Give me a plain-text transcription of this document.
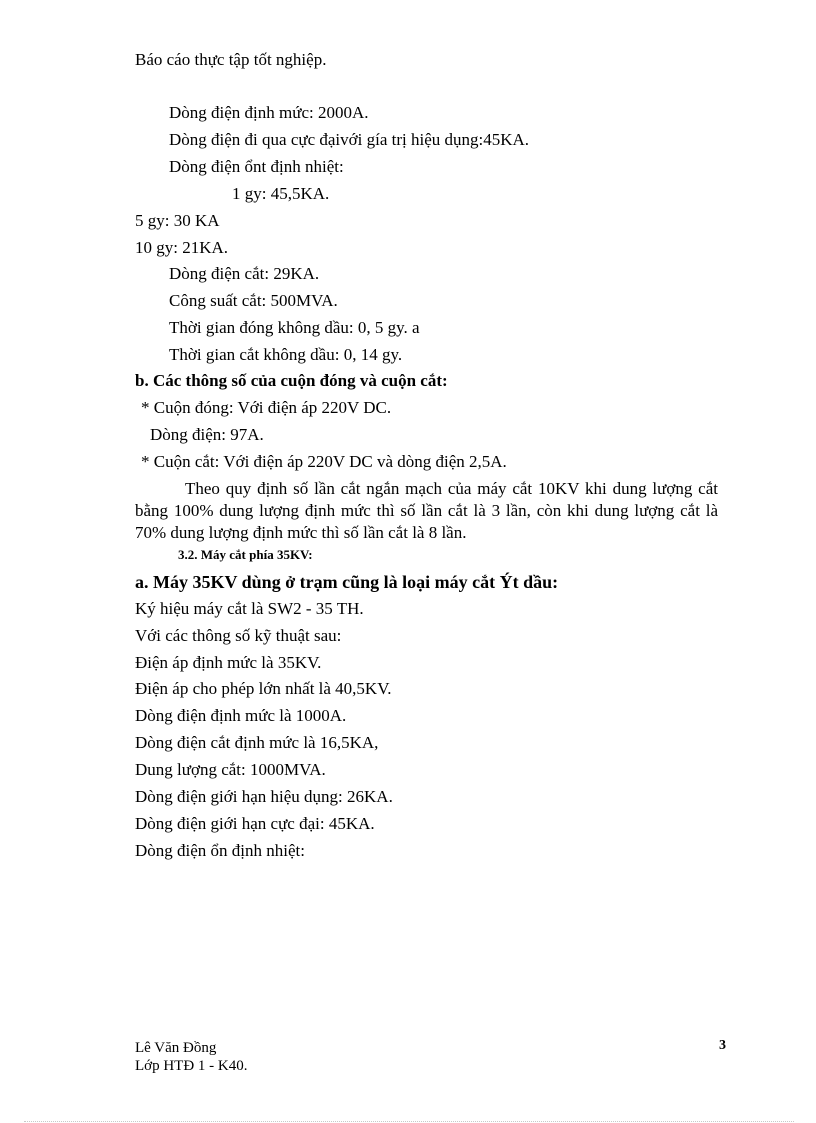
Báo cáo thực tập tốt nghiệp.
Dòng điện định mức: 2000A.
Dòng điện đi qua cực đạivới gía trị hiệu dụng:45KA.
Dòng điện ổnt định nhiệt:
1 gy: 45,5KA.
5 gy: 30 KA
10 gy: 21KA.
Dòng điện cắt: 29KA.
Công suất cắt: 500MVA.
Thời gian đóng không dầu: 0, 5 gy. a
Thời gian cắt không dầu: 0, 14 gy.
b. Các thông số của cuộn đóng và cuộn cắt:
* Cuộn đóng: Với điện áp 220V DC.
Dòng điện: 97A.
* Cuộn cắt: Với điện áp 220V DC và dòng điện 2,5A.
Theo quy định số lần cắt ngắn mạch của máy cắt 10KV khi dung lượng cắt bằng 100% dung lượng định mức thì số lần cắt là 3 lần, còn khi dung lượng cắt là 70% dung lượng định mức thì số lần cắt là 8 lần.
3.2. Máy cắt phía 35KV:
a. Máy 35KV dùng ở trạm cũng là loại máy cắt Ýt dầu:
Ký hiệu máy cắt là SW2 - 35 TH.
Với các thông số kỹ thuật sau:
Điện áp định mức là 35KV.
Điện áp cho phép lớn nhất là 40,5KV.
Dòng điện định mức là 1000A.
Dòng điện cắt định mức là 16,5KA,
Dung lượng cắt: 1000MVA.
Dòng điện giới hạn hiệu dụng: 26KA.
Dòng điện giới hạn cực đại: 45KA.
Dòng điện ổn định nhiệt:
Lê Văn Đồng
Lớp HTĐ 1 - K40.
3
